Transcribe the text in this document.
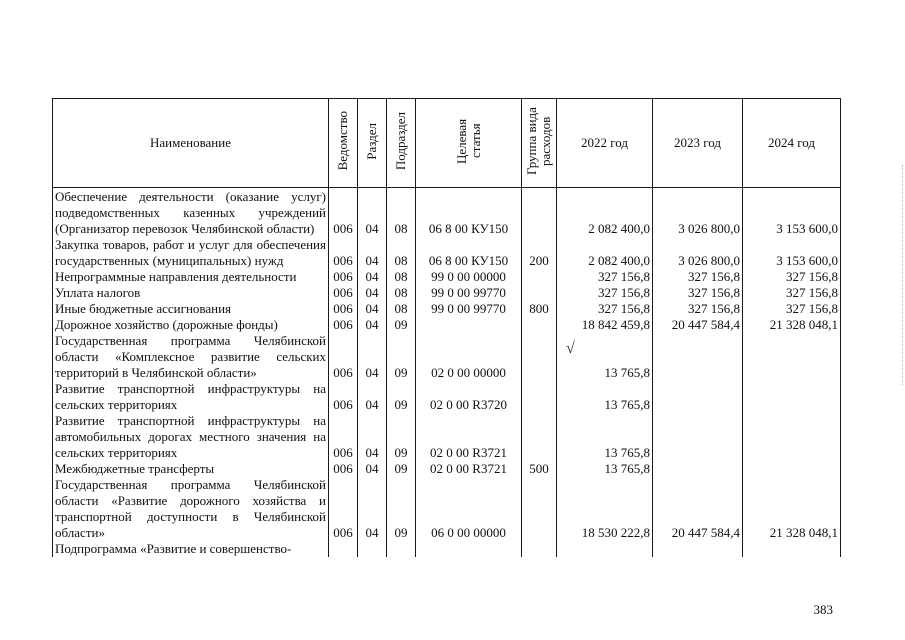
Наименование	Ведомство	Раздел	Подраздел	Целевая статья	Группа вида расходов	2022 год	2023 год	2024 год
Обеспечение деятельности (оказание услуг) подведомственных казенных учреждений (Организатор перевозок Челябинской области)	006	04	08	06 8 00 КУ150		2 082 400,0	3 026 800,0	3 153 600,0
Закупка товаров, работ и услуг для обеспечения государственных (муниципальных) нужд	006	04	08	06 8 00 КУ150	200	2 082 400,0	3 026 800,0	3 153 600,0
Непрограммные направления деятельности	006	04	08	99 0 00 00000		327 156,8	327 156,8	327 156,8
Уплата налогов	006	04	08	99 0 00 99770		327 156,8	327 156,8	327 156,8
Иные бюджетные ассигнования	006	04	08	99 0 00 99770	800	327 156,8	327 156,8	327 156,8
Дорожное хозяйство (дорожные фонды)	006	04	09			18 842 459,8	20 447 584,4	21 328 048,1
Государственная программа Челябинской области «Комплексное развитие сельских территорий в Челябинской области»	006	04	09	02 0 00 00000		13 765,8		
Развитие транспортной инфраструктуры на сельских территориях	006	04	09	02 0 00 R3720		13 765,8		
Развитие транспортной инфраструктуры на автомобильных дорогах местного значения на сельских территориях	006	04	09	02 0 00 R3721		13 765,8		
Межбюджетные трансферты	006	04	09	02 0 00 R3721	500	13 765,8		
Государственная программа Челябинской области «Развитие дорожного хозяйства и транспортной доступности в Челябинской области»	006	04	09	06 0 00 00000		18 530 222,8	20 447 584,4	21 328 048,1
Подпрограмма «Развитие и совершенство-								
√
383
